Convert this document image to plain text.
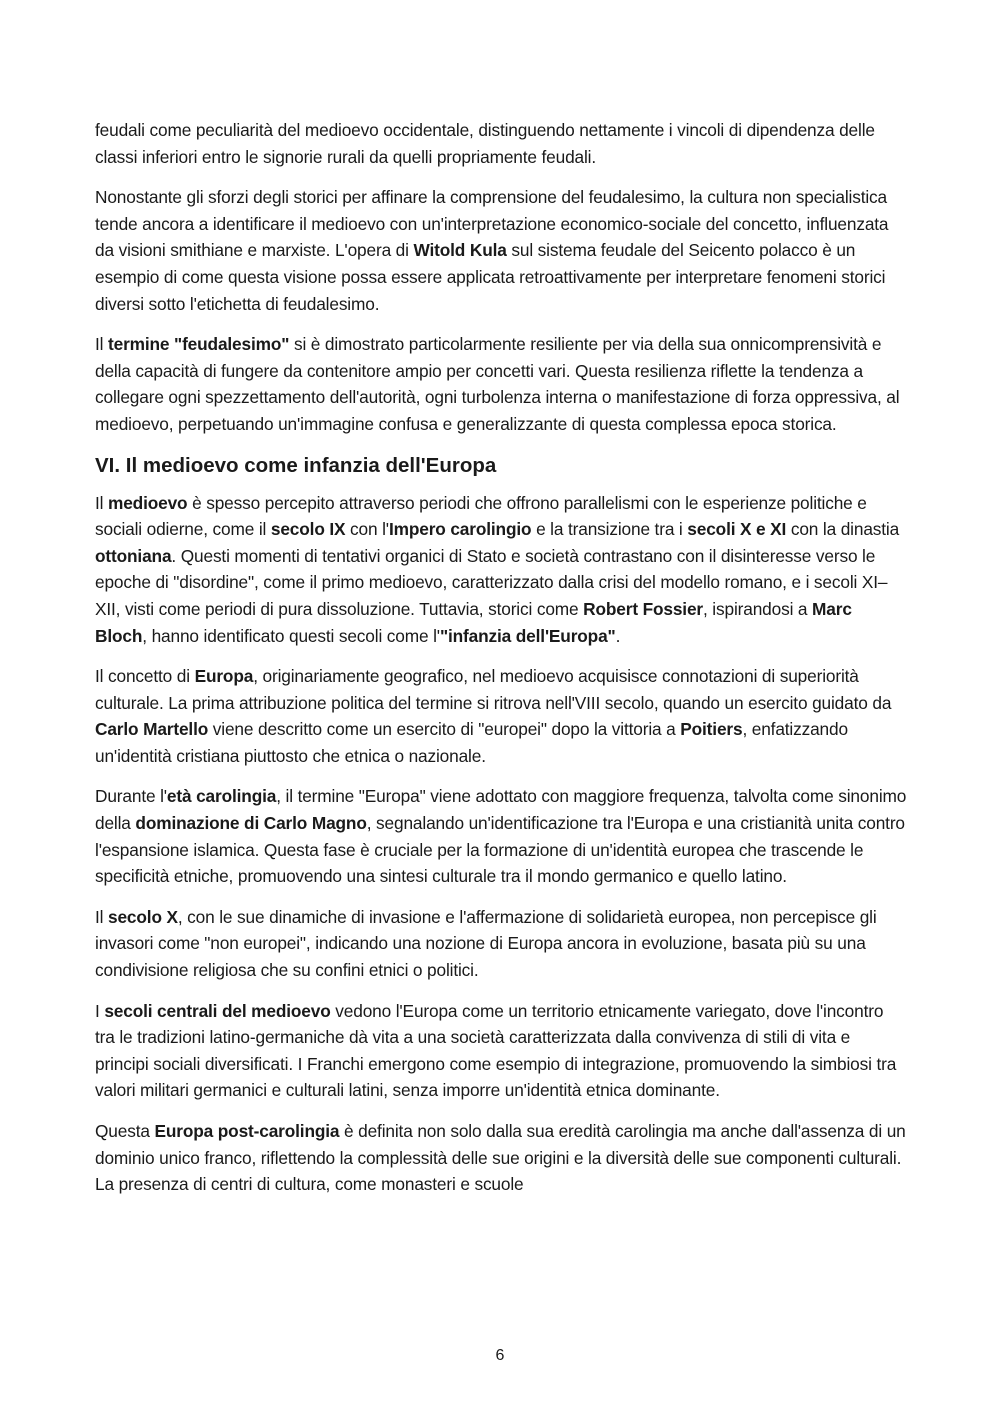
feudali come peculiarità del medioevo occidentale, distinguendo nettamente i vincoli di dipendenza delle classi inferiori entro le signorie rurali da quelli propriamente feudali.

Nonostante gli sforzi degli storici per affinare la comprensione del feudalesimo, la cultura non specialistica tende ancora a identificare il medioevo con un'interpretazione economico-sociale del concetto, influenzata da visioni smithiane e marxiste. L'opera di Witold Kula sul sistema feudale del Seicento polacco è un esempio di come questa visione possa essere applicata retroattivamente per interpretare fenomeni storici diversi sotto l'etichetta di feudalesimo.

Il termine "feudalesimo" si è dimostrato particolarmente resiliente per via della sua onnicomprensività e della capacità di fungere da contenitore ampio per concetti vari. Questa resilienza riflette la tendenza a collegare ogni spezzettamento dell'autorità, ogni turbolenza interna o manifestazione di forza oppressiva, al medioevo, perpetuando un'immagine confusa e generalizzante di questa complessa epoca storica.

VI. Il medioevo come infanzia dell'Europa

Il medioevo è spesso percepito attraverso periodi che offrono parallelismi con le esperienze politiche e sociali odierne, come il secolo IX con l'Impero carolingio e la transizione tra i secoli X e XI con la dinastia ottoniana. Questi momenti di tentativi organici di Stato e società contrastano con il disinteresse verso le epoche di "disordine", come il primo medioevo, caratterizzato dalla crisi del modello romano, e i secoli XI–XII, visti come periodi di pura dissoluzione. Tuttavia, storici come Robert Fossier, ispirandosi a Marc Bloch, hanno identificato questi secoli come l'"infanzia dell'Europa".

Il concetto di Europa, originariamente geografico, nel medioevo acquisisce connotazioni di superiorità culturale. La prima attribuzione politica del termine si ritrova nell'VIII secolo, quando un esercito guidato da Carlo Martello viene descritto come un esercito di "europei" dopo la vittoria a Poitiers, enfatizzando un'identità cristiana piuttosto che etnica o nazionale.

Durante l'età carolingia, il termine "Europa" viene adottato con maggiore frequenza, talvolta come sinonimo della dominazione di Carlo Magno, segnalando un'identificazione tra l'Europa e una cristianità unita contro l'espansione islamica. Questa fase è cruciale per la formazione di un'identità europea che trascende le specificità etniche, promuovendo una sintesi culturale tra il mondo germanico e quello latino.

Il secolo X, con le sue dinamiche di invasione e l'affermazione di solidarietà europea, non percepisce gli invasori come "non europei", indicando una nozione di Europa ancora in evoluzione, basata più su una condivisione religiosa che su confini etnici o politici.

I secoli centrali del medioevo vedono l'Europa come un territorio etnicamente variegato, dove l'incontro tra le tradizioni latino-germaniche dà vita a una società caratterizzata dalla convivenza di stili di vita e principi sociali diversificati. I Franchi emergono come esempio di integrazione, promuovendo la simbiosi tra valori militari germanici e culturali latini, senza imporre un'identità etnica dominante.

Questa Europa post-carolingia è definita non solo dalla sua eredità carolingia ma anche dall'assenza di un dominio unico franco, riflettendo la complessità delle sue origini e la diversità delle sue componenti culturali. La presenza di centri di cultura, come monasteri e scuole

6
